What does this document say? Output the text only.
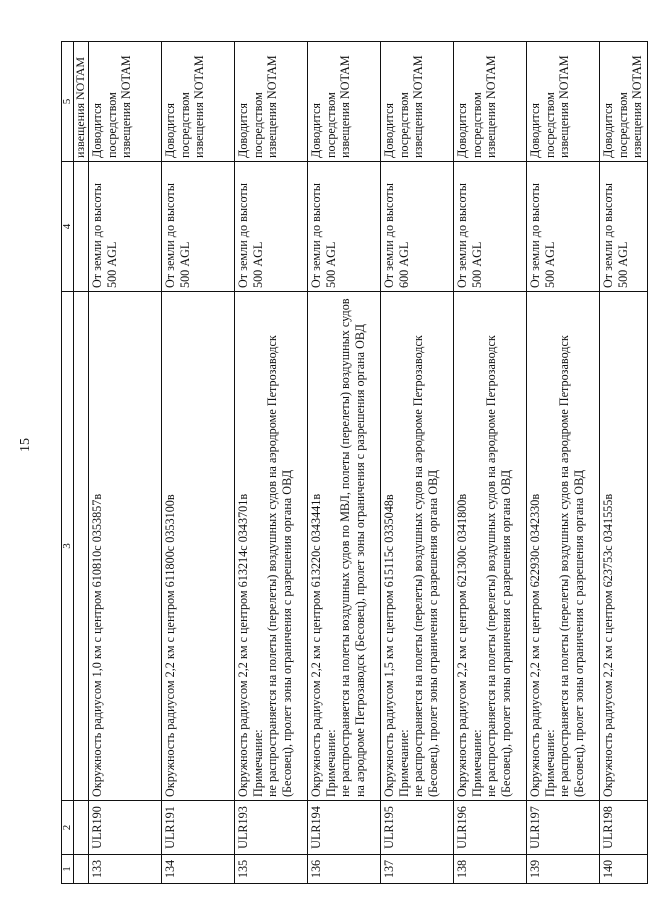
15
1	2	3	4	5
				извещения NOTAM
133	ULR190	Окружность радиусом 1,0 км с центром 610810с 0353857в	От земли до высоты 500 AGL	Доводится посредством извещения NOTAM
134	ULR191	Окружность радиусом 2,2 км с центром 611800с 0353100в	От земли до высоты 500 AGL	Доводится посредством извещения NOTAM
135	ULR193	Окружность радиусом 2,2 км с центром 613214с 0343701в Примечание: не распространяется на полеты (перелеты) воздушных судов на аэродроме Петрозаводск (Бесовец), пролет зоны ограничения с разрешения органа ОВД	От земли до высоты 500 AGL	Доводится посредством извещения NOTAM
136	ULR194	Окружность радиусом 2,2 км с центром 613220с 0343441в Примечание: не распространяется на полеты воздушных судов по МВЛ, полеты (перелеты) воздушных судов на аэродроме Петрозаводск (Бесовец), пролет зоны ограничения с разрешения органа ОВД	От земли до высоты 500 AGL	Доводится посредством извещения NOTAM
137	ULR195	Окружность радиусом 1,5 км с центром 615115с 0335048в Примечание: не распространяется на полеты (перелеты) воздушных судов на аэродроме Петрозаводск (Бесовец), пролет зоны ограничения с разрешения органа ОВД	От земли до высоты 600 AGL	Доводится посредством извещения NOTAM
138	ULR196	Окружность радиусом 2,2 км с центром 621300с 0341800в Примечание: не распространяется на полеты (перелеты) воздушных судов на аэродроме Петрозаводск (Бесовец), пролет зоны ограничения с разрешения органа ОВД	От земли до высоты 500 AGL	Доводится посредством извещения NOTAM
139	ULR197	Окружность радиусом 2,2 км с центром 622930с 0342330в Примечание: не распространяется на полеты (перелеты) воздушных судов на аэродроме Петрозаводск (Бесовец), пролет зоны ограничения с разрешения органа ОВД	От земли до высоты 500 AGL	Доводится посредством извещения NOTAM
140	ULR198	Окружность радиусом 2,2 км с центром 623753с 0341555в	От земли до высоты 500 AGL	Доводится посредством извещения NOTAM
